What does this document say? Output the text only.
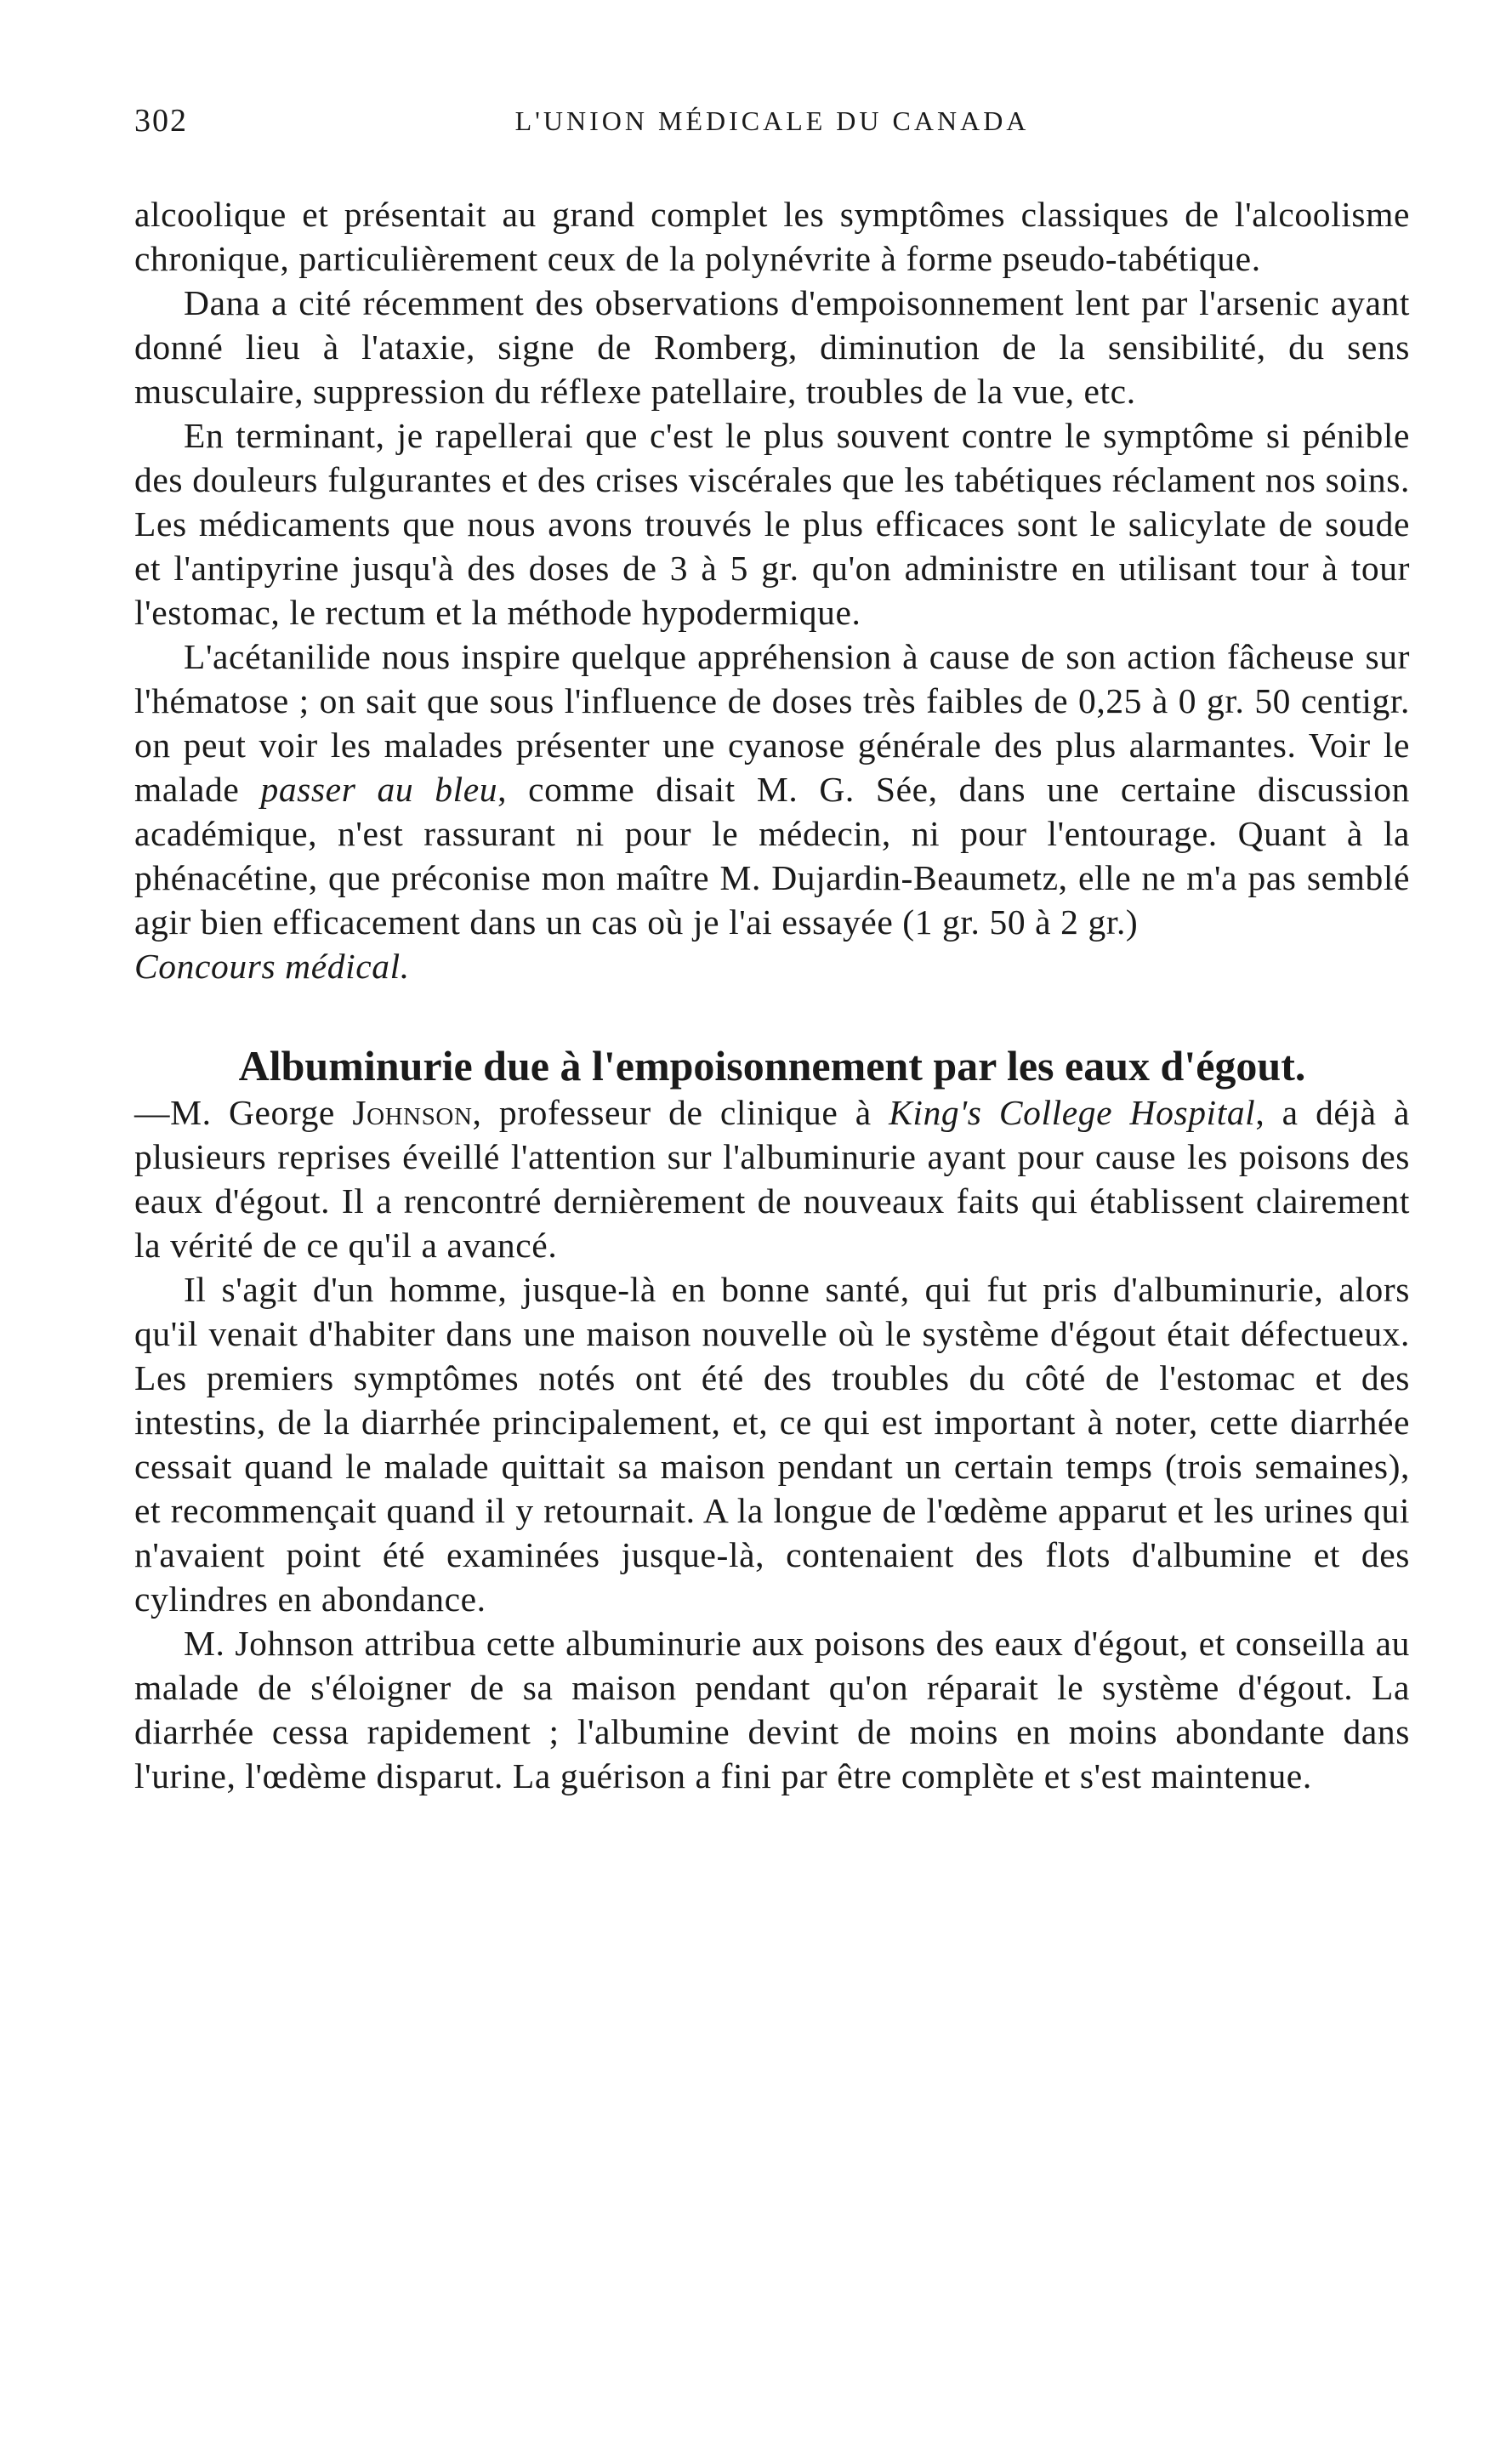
302	L'UNION MÉDICALE DU CANADA

alcoolique et présentait au grand complet les symptômes classiques de l'alcoolisme chronique, particulièrement ceux de la polynévrite à forme pseudo-tabétique.

Dana a cité récemment des observations d'empoisonnement lent par l'arsenic ayant donné lieu à l'ataxie, signe de Romberg, diminution de la sensibilité, du sens musculaire, suppression du réflexe patellaire, troubles de la vue, etc.

En terminant, je rapellerai que c'est le plus souvent contre le symptôme si pénible des douleurs fulgurantes et des crises viscérales que les tabétiques réclament nos soins. Les médicaments que nous avons trouvés le plus efficaces sont le salicylate de soude et l'antipyrine jusqu'à des doses de 3 à 5 gr. qu'on administre en utilisant tour à tour l'estomac, le rectum et la méthode hypodermique.

L'acétanilide nous inspire quelque appréhension à cause de son action fâcheuse sur l'hématose ; on sait que sous l'influence de doses très faibles de 0,25 à 0 gr. 50 centigr. on peut voir les malades présenter une cyanose générale des plus alarmantes. Voir le malade passer au bleu, comme disait M. G. Sée, dans une certaine discussion académique, n'est rassurant ni pour le médecin, ni pour l'entourage. Quant à la phénacétine, que préconise mon maître M. Dujardin-Beaumetz, elle ne m'a pas semblé agir bien efficacement dans un cas où je l'ai essayée (1 gr. 50 à 2 gr.)

Concours médical.

Albuminurie due à l'empoisonnement par les eaux d'égout.

—M. George Johnson, professeur de clinique à King's College Hospital, a déjà à plusieurs reprises éveillé l'attention sur l'albuminurie ayant pour cause les poisons des eaux d'égout. Il a rencontré dernièrement de nouveaux faits qui établissent clairement la vérité de ce qu'il a avancé.

Il s'agit d'un homme, jusque-là en bonne santé, qui fut pris d'albuminurie, alors qu'il venait d'habiter dans une maison nouvelle où le système d'égout était défectueux. Les premiers symptômes notés ont été des troubles du côté de l'estomac et des intestins, de la diarrhée principalement, et, ce qui est important à noter, cette diarrhée cessait quand le malade quittait sa maison pendant un certain temps (trois semaines), et recommençait quand il y retournait. A la longue de l'œdème apparut et les urines qui n'avaient point été examinées jusque-là, contenaient des flots d'albumine et des cylindres en abondance.

M. Johnson attribua cette albuminurie aux poisons des eaux d'égout, et conseilla au malade de s'éloigner de sa maison pendant qu'on réparait le système d'égout. La diarrhée cessa rapidement ; l'albumine devint de moins en moins abondante dans l'urine, l'œdème disparut. La guérison a fini par être complète et s'est maintenue.
